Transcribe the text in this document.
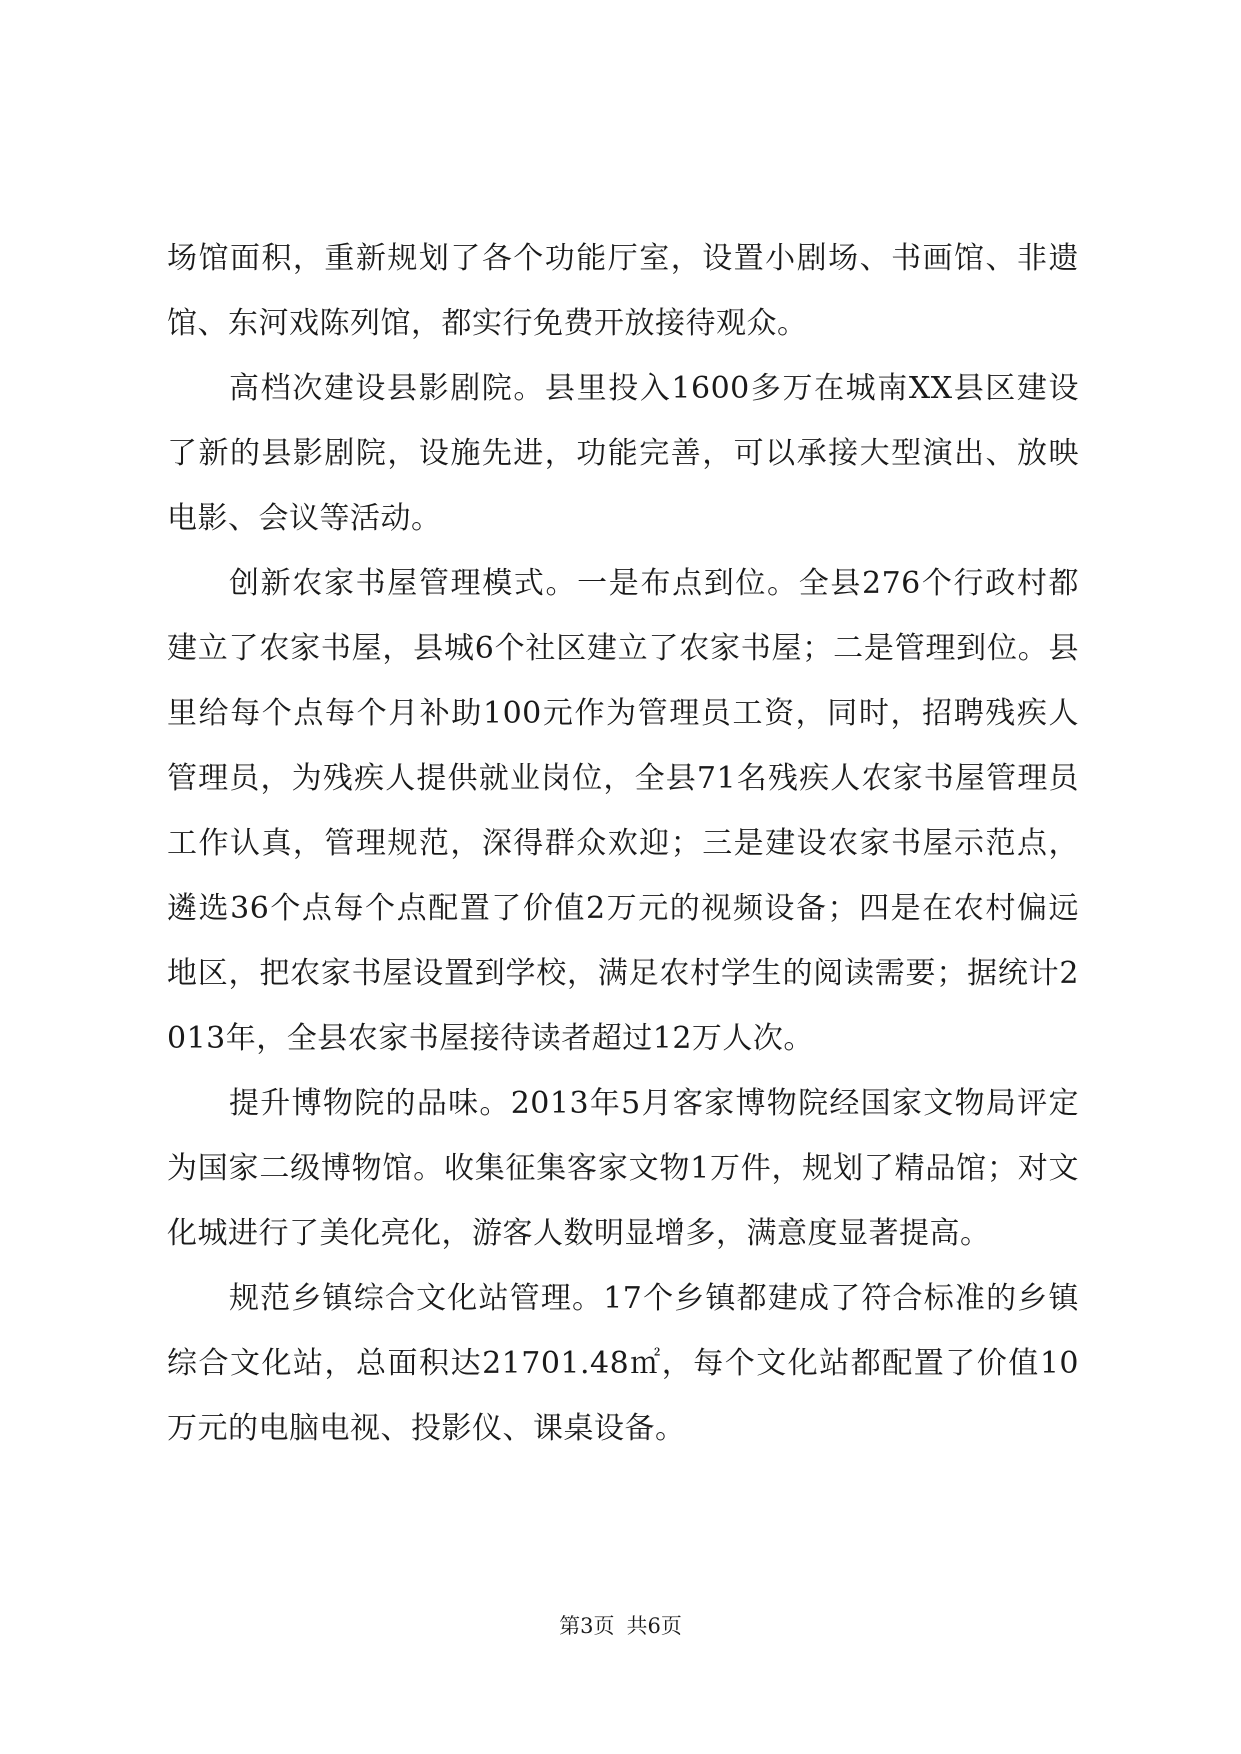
场馆面积，重新规划了各个功能厅室，设置小剧场、书画馆、非遗馆、东河戏陈列馆，都实行免费开放接待观众。

高档次建设县影剧院。县里投入1600多万在城南XX县区建设了新的县影剧院，设施先进，功能完善，可以承接大型演出、放映电影、会议等活动。

创新农家书屋管理模式。一是布点到位。全县276个行政村都建立了农家书屋，县城6个社区建立了农家书屋；二是管理到位。县里给每个点每个月补助100元作为管理员工资，同时，招聘残疾人管理员，为残疾人提供就业岗位，全县71名残疾人农家书屋管理员工作认真，管理规范，深得群众欢迎；三是建设农家书屋示范点，遴选36个点每个点配置了价值2万元的视频设备；四是在农村偏远地区，把农家书屋设置到学校，满足农村学生的阅读需要；据统计2013年，全县农家书屋接待读者超过12万人次。

提升博物院的品味。2013年5月客家博物院经国家文物局评定为国家二级博物馆。收集征集客家文物1万件，规划了精品馆；对文化城进行了美化亮化，游客人数明显增多，满意度显著提高。

规范乡镇综合文化站管理。17个乡镇都建成了符合标准的乡镇综合文化站，总面积达21701.48㎡，每个文化站都配置了价值10万元的电脑电视、投影仪、课桌设备。

第3页 共6页
